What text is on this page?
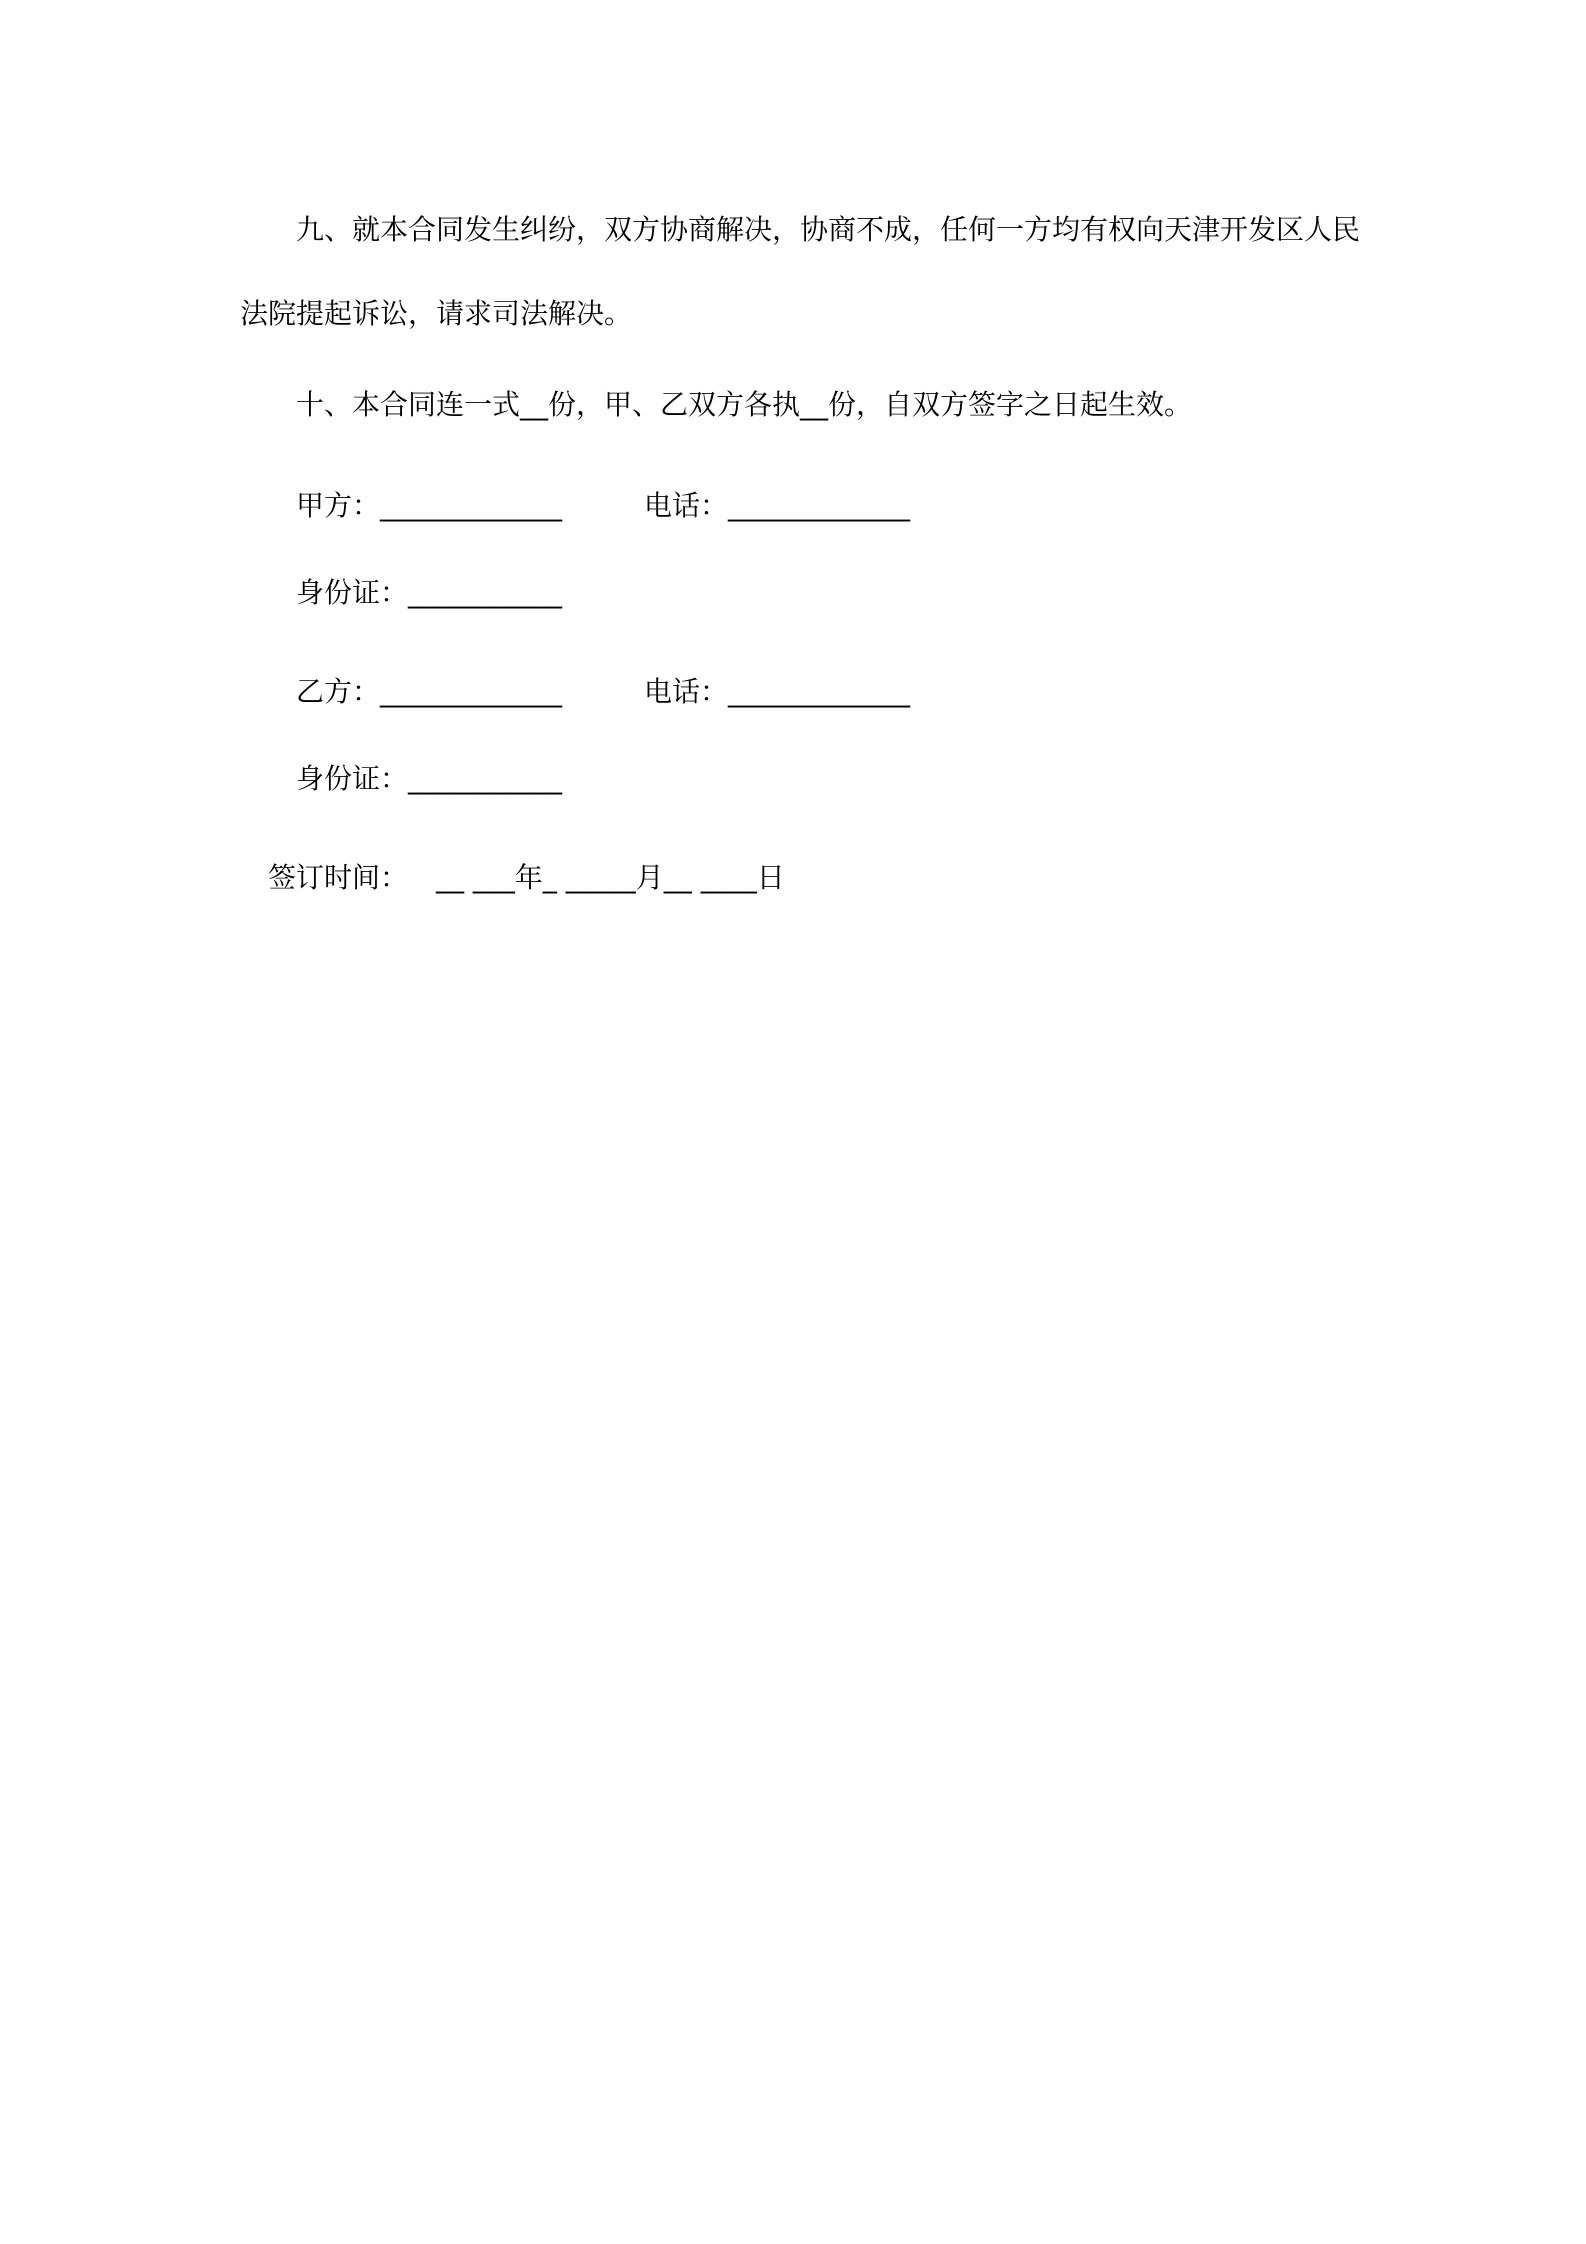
九、就本合同发生纠纷，双方协商解决，协商不成，任何一方均有权向天津开发区人民
法院提起诉讼，请求司法解决。
十、本合同连一式__份，甲、乙双方各执__份，自双方签字之日起生效。
甲方：_____________	电话：_____________
身份证：___________
乙方：_____________	电话：_____________
身份证：___________
签订时间： __ ___年_ _____月__ ____日
